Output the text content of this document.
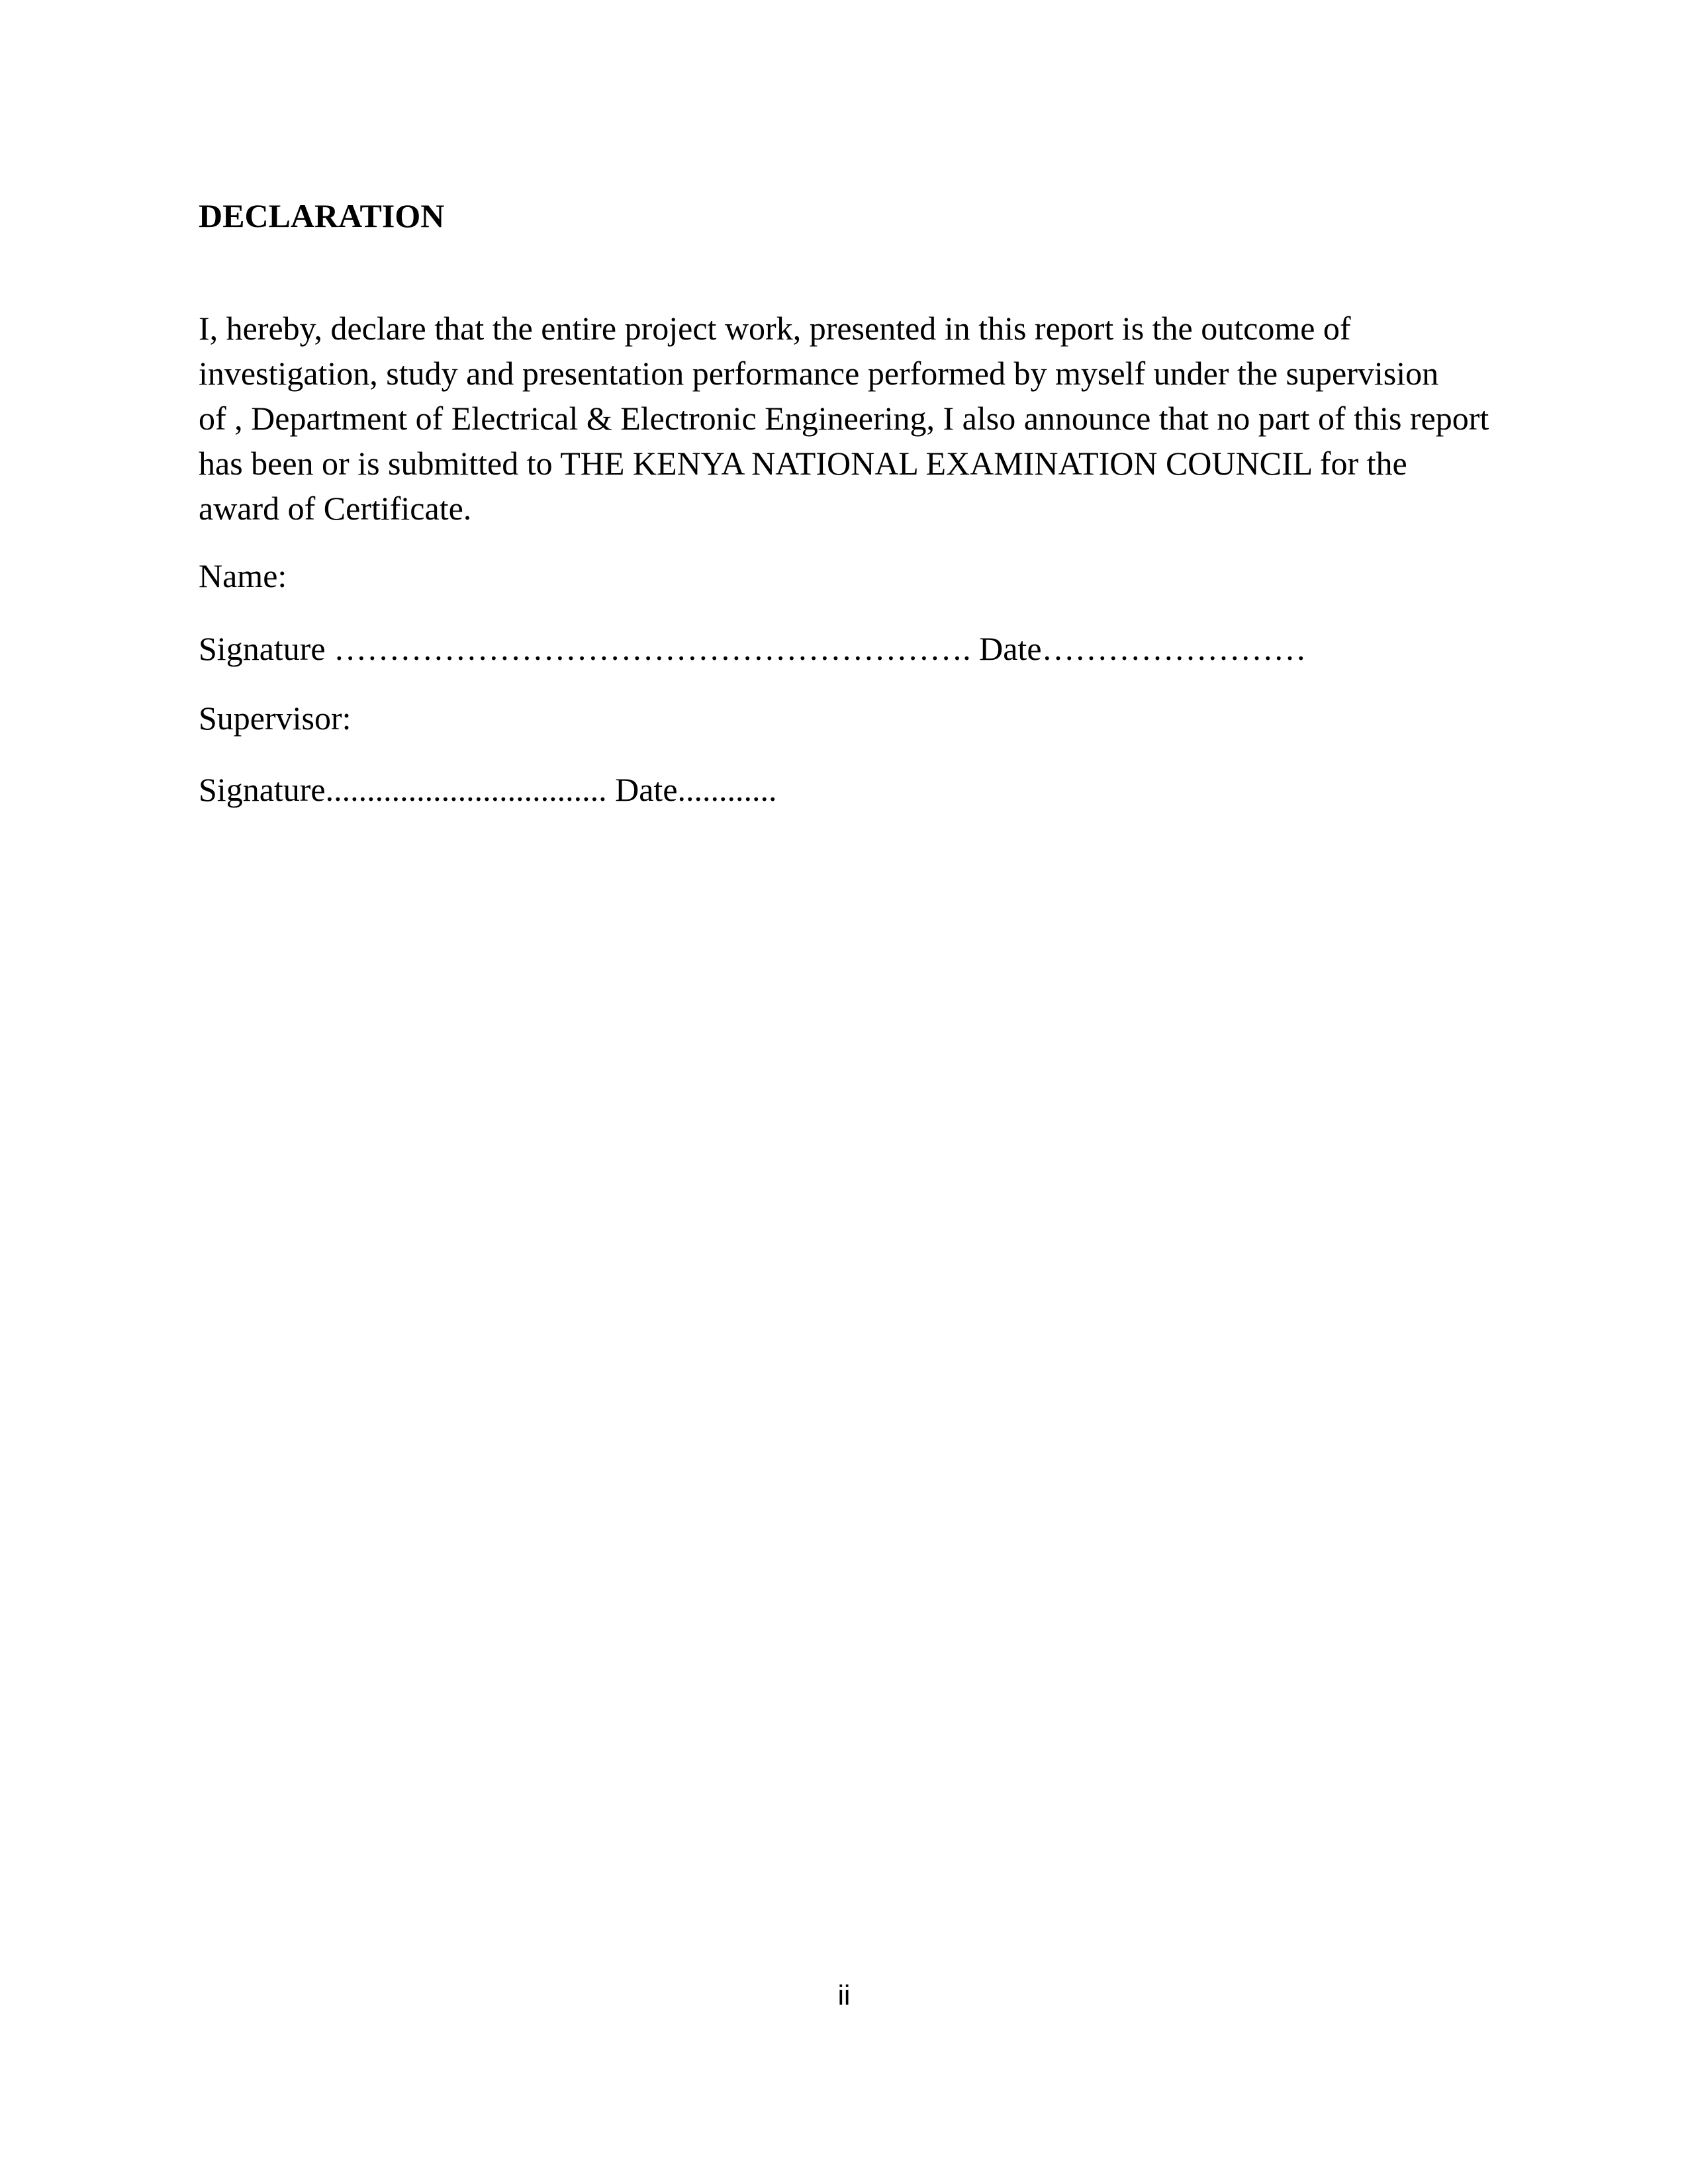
DECLARATION
I, hereby, declare that the entire project work, presented in this report is the outcome of
investigation, study and presentation performance performed by myself under the supervision
of , Department of Electrical & Electronic Engineering, I also announce that no part of this report
has been or is submitted to THE KENYA NATIONAL EXAMINATION COUNCIL for the
award of Certificate.
Name:
Signature …………………………………………………. Date……………………
Supervisor:
Signature.................................. Date............
ii
